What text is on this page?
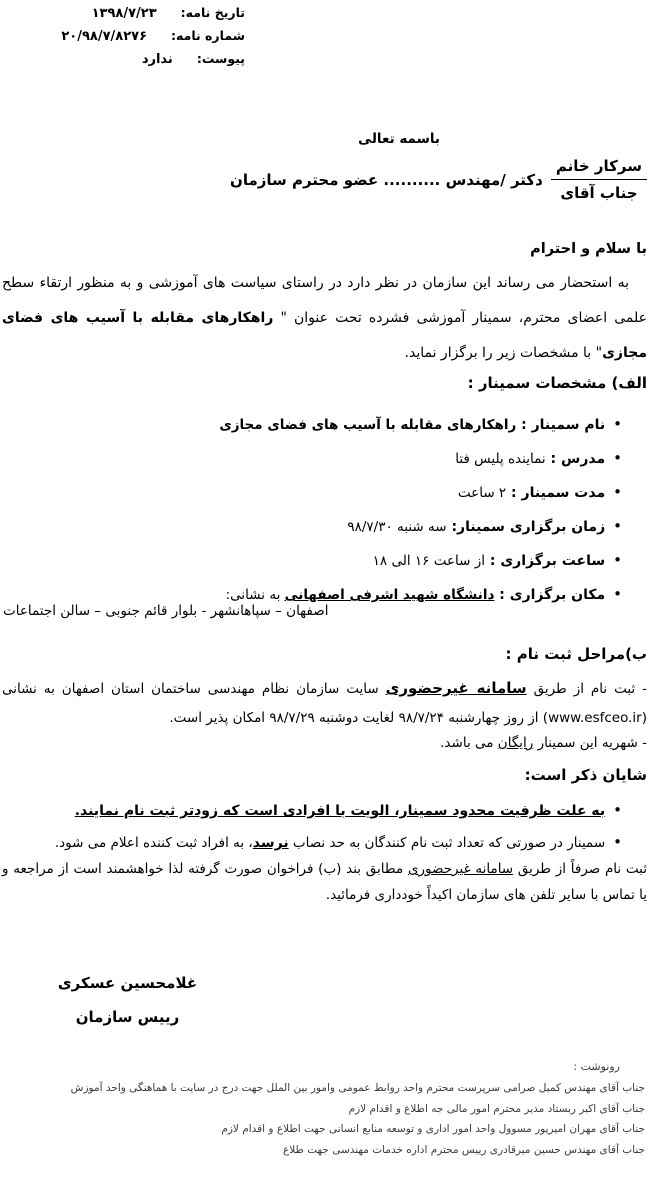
تاریخ نامه:
۱۳۹۸/۷/۲۳
شماره نامه:
۲۰/۹۸/۷/۸۲۷۶
پیوست:
ندارد
باسمه تعالی
سرکار خانم
جناب آقای
دکتر /مهندس .......... عضو محترم سازمان
با سلام و احترام

به استحضار می رساند این سازمان در نظر دارد در راستای سیاست های آموزشی و به منظور ارتقاء سطح علمی اعضای محترم، سمینار آموزشی فشرده تحت عنوان " راهکارهای مقابله با آسیب های فضای مجازی" با مشخصات زیر را برگزار نماید.

الف) مشخصات سمینار :
•نام سمینار : راهکارهای مقابله با آسیب های فضای مجازی
•مدرس : نماینده پلیس فتا
•مدت سمینار : ۲ ساعت
•زمان برگزاری سمینار: سه شنبه ۹۸/۷/۳۰
•ساعت برگزاری : از ساعت ۱۶ الی ۱۸
•مکان برگزاری : دانشگاه شهید اشرفی اصفهانی به نشانی:
اصفهان – سپاهانشهر - بلوار قائم جنوبی – سالن اجتماعات
ب)مراحل ثبت نام :

- ثبت نام از طریق سامانه غیرحضوری سایت سازمان نظام مهندسی ساختمان استان اصفهان به نشانی (www.esfceo.ir) از روز چهارشنبه ۹۸/۷/۲۴ لغایت دوشنبه ۹۸/۷/۲۹ امکان پذیر است.

- شهریه این سمینار رایگان می باشد.

شایان ذکر است:
•به علت ظرفیت محدود سمینار، الویت با افرادی است که زودتر ثبت نام نمایند.
•سمینار در صورتی که تعداد ثبت نام کنندگان به حد نصاب نرسد، به افراد ثبت کننده اعلام می شود.

ثبت نام صرفاً از طریق سامانه غیرحضوری مطابق بند (ب) فراخوان صورت گرفته لذا خواهشمند است از مراجعه و یا تماس با سایر تلفن های سازمان اکیداً خودداری فرمائید.

غلامحسین عسکری
رییس سازمان
رونوشت :
جناب آقای مهندس کمیل صرامی سرپرست محترم واحد روابط عمومی وامور بین الملل جهت درج در سایت با هماهنگی واحد آموزش
جناب آقای اکبر ربستاد مدیر محترم امور مالی جه اطلاع و اقدام لازم
جناب آقای مهران امیرپور مسوول واحد امور اداری و توسعه منابع انسانی جهت اطلاع و اقدام لازم
جناب آقای مهندس حسین میرقادری رییس محترم اداره خدمات مهندسی جهت طلاع
